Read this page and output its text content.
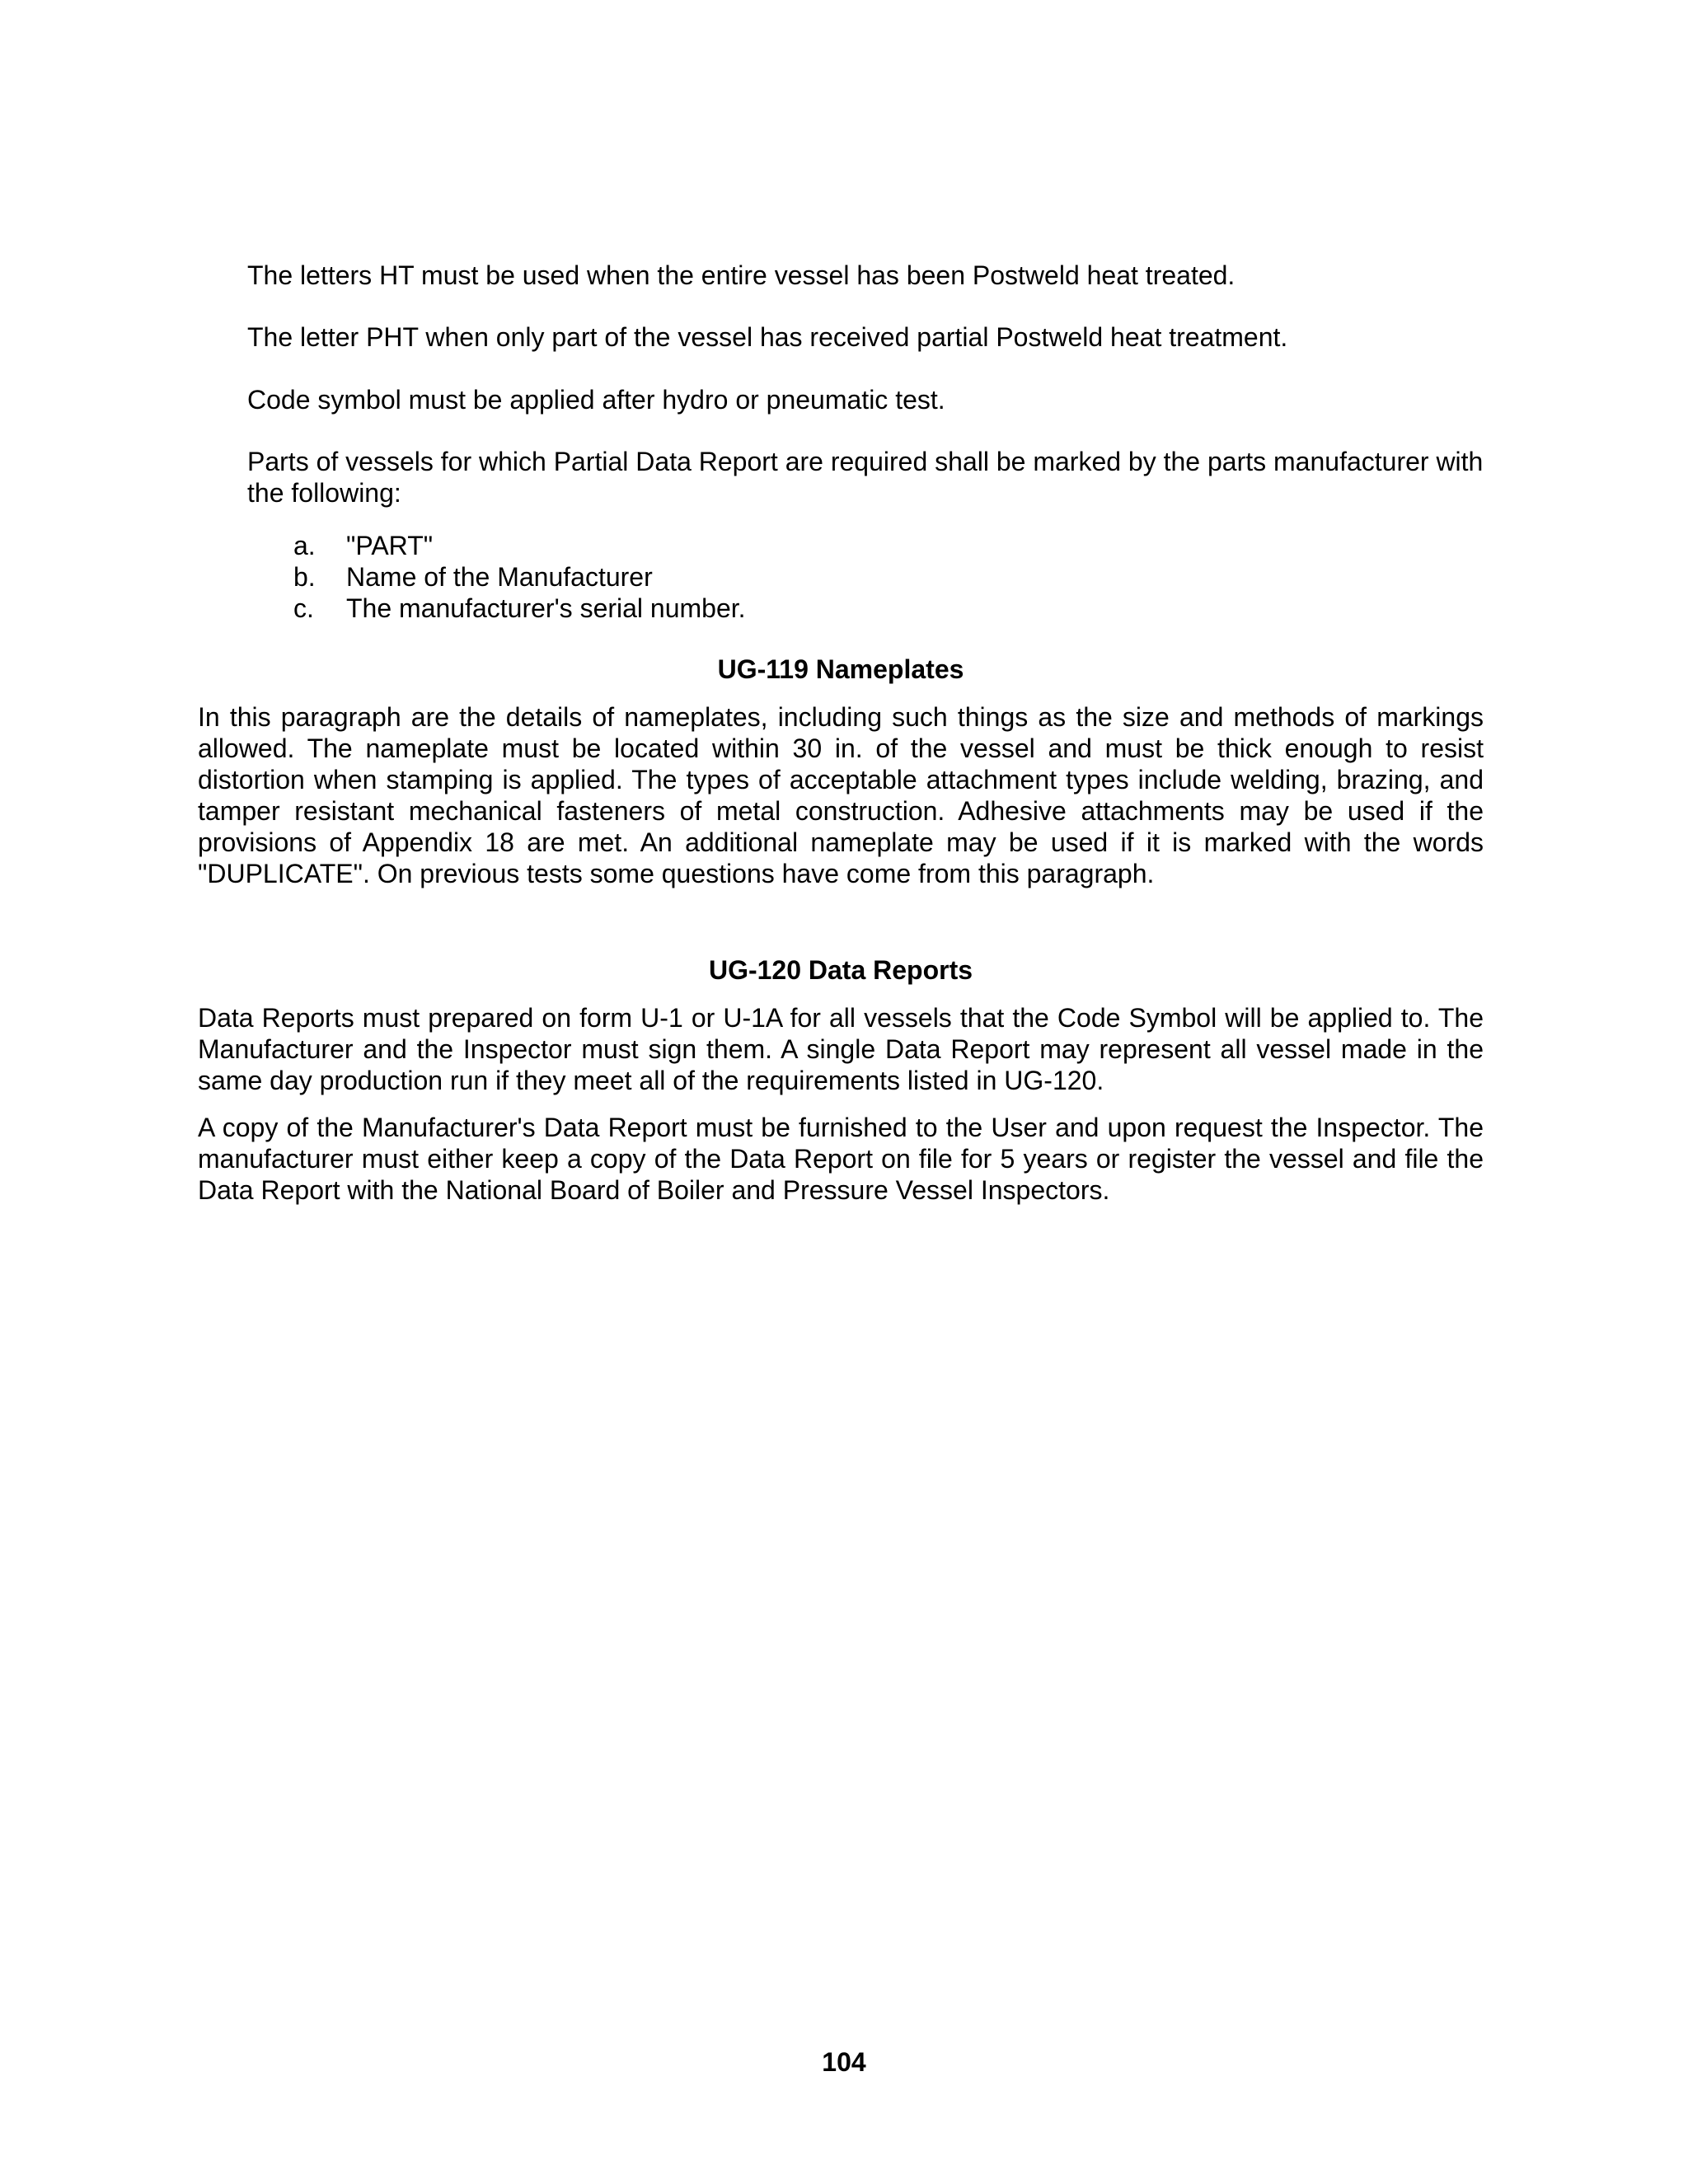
The letters HT must be used when the entire vessel has been Postweld heat treated.

The letter PHT when only part of the vessel has received partial Postweld heat treatment.

Code symbol must be applied after hydro or pneumatic test.

Parts of vessels for which Partial Data Report are required shall be marked by the parts manufacturer with the following:

a. "PART"
b. Name of the Manufacturer
c. The manufacturer's serial number.
UG-119 Nameplates

In this paragraph are the details of nameplates, including such things as the size and methods of markings allowed. The nameplate must be located within 30 in. of the vessel and must be thick enough to resist distortion when stamping is applied. The types of acceptable attachment types include welding, brazing, and tamper resistant mechanical fasteners of metal construction. Adhesive attachments may be used if the provisions of Appendix 18 are met. An additional nameplate may be used if it is marked with the words "DUPLICATE". On previous tests some questions have come from this paragraph.

UG-120 Data Reports

Data Reports must prepared on form U-1 or U-1A for all vessels that the Code Symbol will be applied to. The Manufacturer and the Inspector must sign them. A single Data Report may represent all vessel made in the same day production run if they meet all of the requirements listed in UG-120.

A copy of the Manufacturer's Data Report must be furnished to the User and upon request the Inspector. The manufacturer must either keep a copy of the Data Report on file for 5 years or register the vessel and file the Data Report with the National Board of Boiler and Pressure Vessel Inspectors.

104
